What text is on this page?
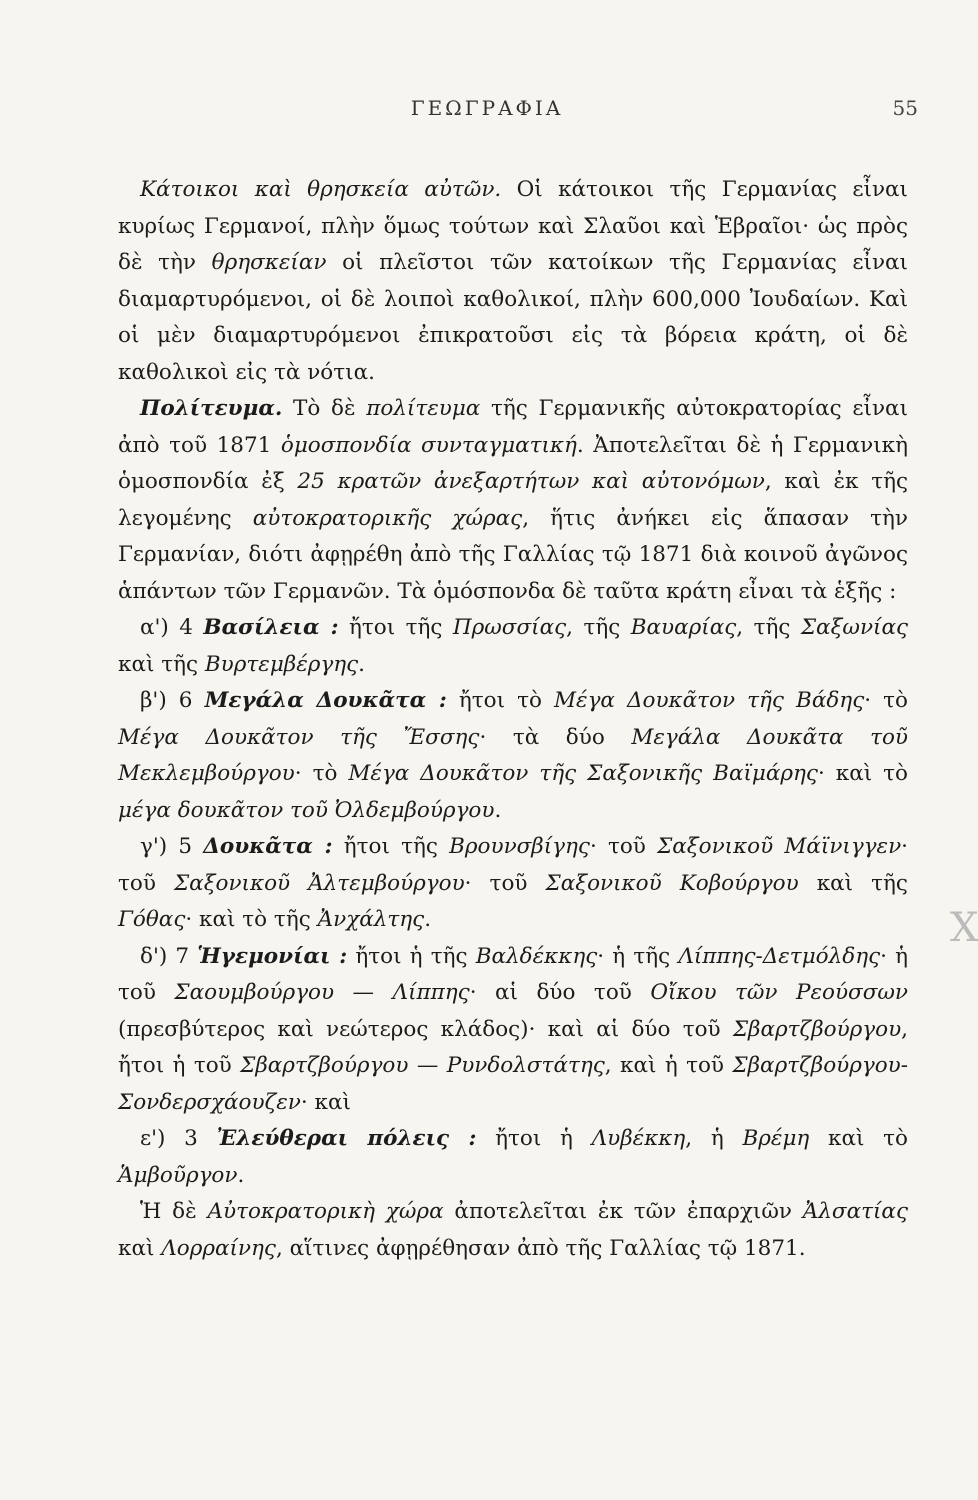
ΓΕΩΓΡΑΦΙΑ	55

Κάτοικοι καὶ θρησκεία αὐτῶν. Οἱ κάτοικοι τῆς Γερμανίας εἶναι κυρίως Γερμανοί, πλὴν ὅμως τούτων καὶ Σλαῦοι καὶ Ἑβραῖοι· ὡς πρὸς δὲ τὴν θρησκείαν οἱ πλεῖστοι τῶν κατοίκων τῆς Γερμανίας εἶναι διαμαρτυρόμενοι, οἱ δὲ λοιποὶ καθολικοί, πλὴν 600,000 Ἰουδαίων. Καὶ οἱ μὲν διαμαρτυρόμενοι ἐπικρατοῦσι εἰς τὰ βόρεια κράτη, οἱ δὲ καθολικοὶ εἰς τὰ νότια.

Πολίτευμα. Τὸ δὲ πολίτευμα τῆς Γερμανικῆς αὐτοκρατορίας εἶναι ἀπὸ τοῦ 1871 ὁμοσπονδία συνταγματική. Ἀποτελεῖται δὲ ἡ Γερμανικὴ ὁμοσπονδία ἐξ 25 κρατῶν ἀνεξαρτήτων καὶ αὐτονόμων, καὶ ἐκ τῆς λεγομένης αὐτοκρατορικῆς χώρας, ἥτις ἀνήκει εἰς ἅπασαν τὴν Γερμανίαν, διότι ἀφῃρέθη ἀπὸ τῆς Γαλλίας τῷ 1871 διὰ κοινοῦ ἀγῶνος ἁπάντων τῶν Γερμανῶν. Τὰ ὁμόσπονδα δὲ ταῦτα κράτη εἶναι τὰ ἑξῆς :

α') 4 Βασίλεια : ἤτοι τῆς Πρωσσίας, τῆς Βαυαρίας, τῆς Σαξωνίας καὶ τῆς Βυρτεμβέργης.

β') 6 Μεγάλα Δουκᾶτα : ἤτοι τὸ Μέγα Δουκᾶτον τῆς Βάδης· τὸ Μέγα Δουκᾶτον τῆς Ἔσσης· τὰ δύο Μεγάλα Δουκᾶτα τοῦ Μεκλεμβούργου· τὸ Μέγα Δουκᾶτον τῆς Σαξονικῆς Βαϊμάρης· καὶ τὸ μέγα δουκᾶτον τοῦ Ὀλδεμβούργου.

γ') 5 Δουκᾶτα : ἤτοι τῆς Βρουνσβίγης· τοῦ Σαξονικοῦ Μάϊνιγγεν· τοῦ Σαξονικοῦ Ἀλτεμβούργου· τοῦ Σαξονικοῦ Κοβούργου καὶ τῆς Γόθας· καὶ τὸ τῆς Ἀνχάλτης.

δ') 7 Ἡγεμονίαι : ἤτοι ἡ τῆς Βαλδέκκης· ἡ τῆς Λίππης-Δετμόλδης· ἡ τοῦ Σαουμβούργου — Λίππης· αἱ δύο τοῦ Οἴκου τῶν Ρεούσσων (πρεσβύτερος καὶ νεώτερος κλάδος)· καὶ αἱ δύο τοῦ Σβαρτζβούργου, ἤτοι ἡ τοῦ Σβαρτζβούργου — Ρυνδολστάτης, καὶ ἡ τοῦ Σβαρτζβούργου-Σονδερσχάουζεν· καὶ

ε') 3 Ἐλεύθεραι πόλεις : ἤτοι ἡ Λυβέκκη, ἡ Βρέμη καὶ τὸ Ἁμβοῦργον.

Ἡ δὲ Αὐτοκρατορικὴ χώρα ἀποτελεῖται ἐκ τῶν ἐπαρχιῶν Ἀλσατίας καὶ Λορραίνης, αἵτινες ἀφῃρέθησαν ἀπὸ τῆς Γαλλίας τῷ 1871.

X
